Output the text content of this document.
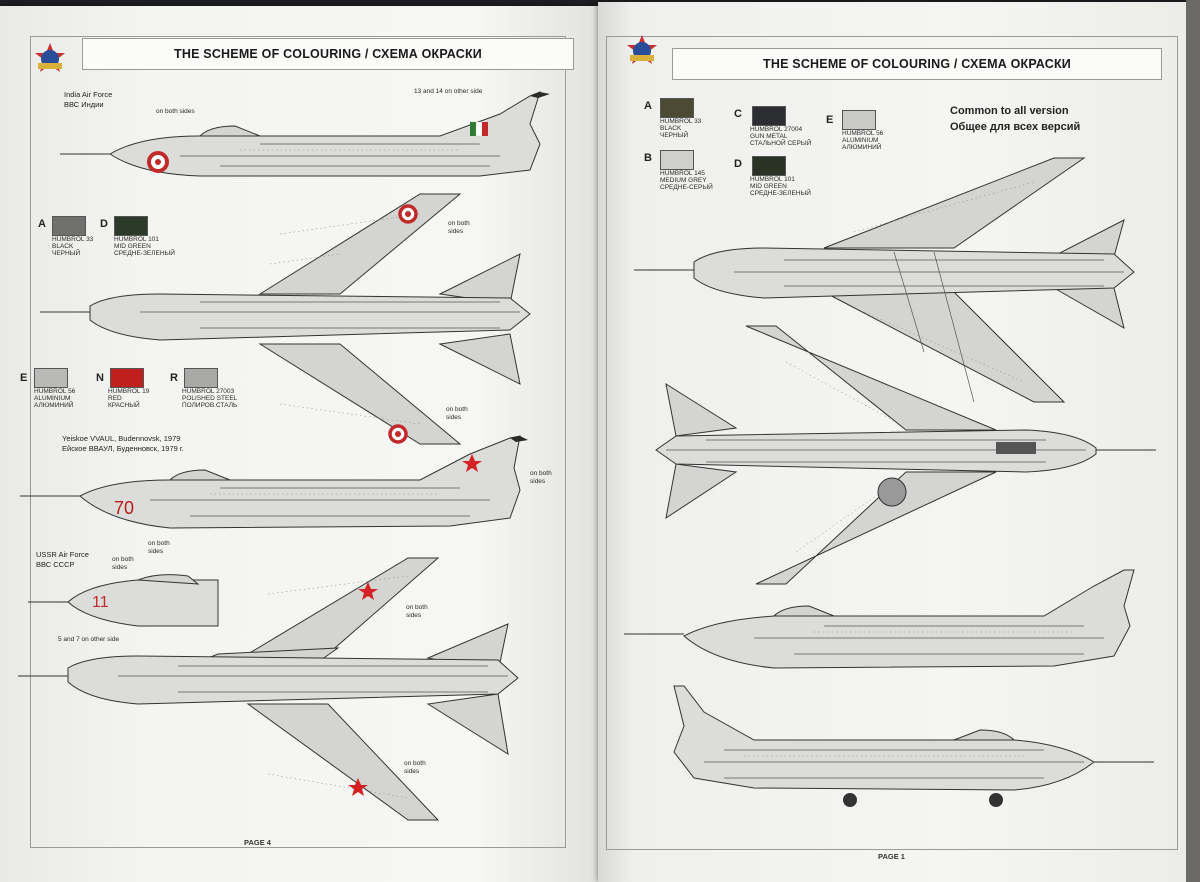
THE SCHEME OF COLOURING / СХЕМА ОКРАСКИ
India Air Force
ВВС Индии
on both sides
13 and 14 on other side
A
HUMBROL 33
BLACK
ЧЕРНЫЙ
D
HUMBROL 101
MID GREEN
СРЕДНЕ-ЗЕЛЕНЫЙ
on both sides
E
HUMBROL 56
ALUMINIUM
АЛЮМИНИЙ
N
HUMBROL 19
RED
КРАСНЫЙ
R
HUMBROL 27003
POLISHED STEEL
ПОЛИРОВ.СТАЛЬ
on both sides
Yeiskoe VVAUL, Budennovsk, 1979
Ейское ВВАУЛ, Буденновск, 1979 г.
70
on both sides
on both sides
USSR Air Force
ВВС СССР
on both sides
11
5 and 7 on other side
on both sides
on both sides
PAGE 4
THE SCHEME OF COLOURING / СХЕМА ОКРАСКИ
A
HUMBROL 33
BLACK
ЧЕРНЫЙ
C
HUMBROL 27004
GUN METAL
СТАЛЬНОЙ СЕРЫЙ
E
HUMBROL 56
ALUMINIUM
АЛЮМИНИЙ
B
HUMBROL 145
MEDIUM GREY
СРЕДНЕ-СЕРЫЙ
D
HUMBROL 101
MID GREEN
СРЕДНЕ-ЗЕЛЕНЫЙ
Common to all version
Общее для всех версий
PAGE 1
